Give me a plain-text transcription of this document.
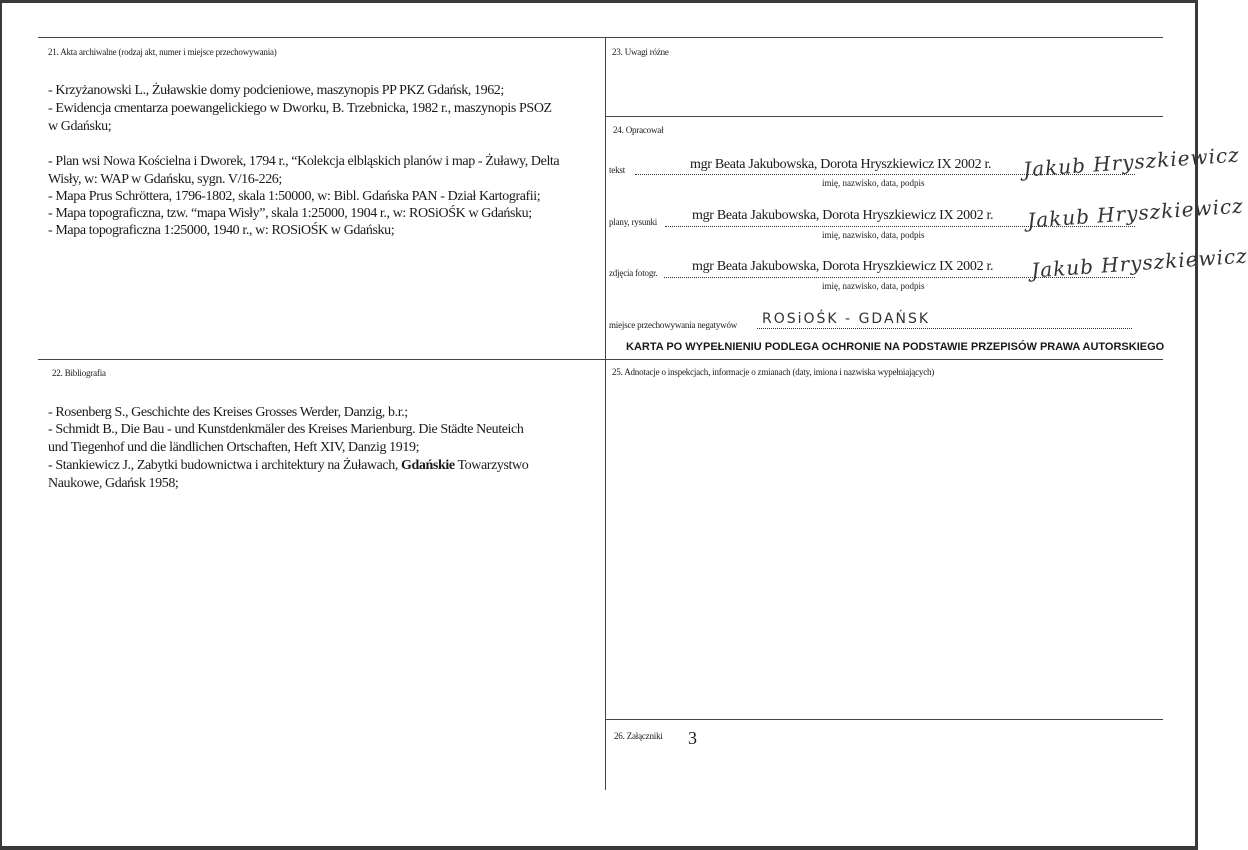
21. Akta archiwalne (rodzaj akt, numer i miejsce przechowywania)
- Krzyżanowski L., Żuławskie domy podcieniowe, maszynopis PP PKZ Gdańsk, 1962;
- Ewidencja cmentarza poewangelickiego w Dworku, B. Trzebnicka, 1982 r., maszynopis PSOZ
w Gdańsku;
- Plan wsi Nowa Kościelna i Dworek, 1794 r., “Kolekcja elbląskich planów i map - Żuławy, Delta
Wisły, w: WAP w Gdańsku, sygn. V/16-226;
- Mapa Prus Schröttera, 1796-1802, skala 1:50000, w: Bibl. Gdańska PAN - Dział Kartografii;
- Mapa topograficzna, tzw. “mapa Wisły”, skala 1:25000, 1904 r., w: ROSiOŚK w Gdańsku;
- Mapa topograficzna 1:25000, 1940 r., w: ROSiOŚK w Gdańsku;
22. Bibliografia
- Rosenberg S., Geschichte des Kreises Grosses Werder, Danzig, b.r.;
- Schmidt B., Die Bau - und Kunstdenkmäler des Kreises Marienburg. Die Städte Neuteich
und Tiegenhof und die ländlichen Ortschaften, Heft XIV, Danzig 1919;
- Stankiewicz J., Zabytki budownictwa i architektury na Żuławach, Gdańskie Towarzystwo
Naukowe, Gdańsk 1958;
23. Uwagi różne
24. Opracował
tekst	mgr Beata Jakubowska, Dorota Hryszkiewicz IX 2002 r.
imię, nazwisko, data, podpis
Jakub Hryszkiewicz
plany, rysunki mgr Beata Jakubowska, Dorota Hryszkiewicz IX 2002 r.
imię, nazwisko, data, podpis
Jakub Hryszkiewicz
zdjęcia fotogr. mgr Beata Jakubowska, Dorota Hryszkiewicz IX 2002 r.
imię, nazwisko, data, podpis
Jakub Hryszkiewicz
miejsce przechowywania negatywów ROSiOŚK - GDAŃSK
KARTA PO WYPEŁNIENIU PODLEGA OCHRONIE NA PODSTAWIE PRZEPISÓW PRAWA AUTORSKIEGO
25. Adnotacje o inspekcjach, informacje o zmianach (daty, imiona i nazwiska wypełniających)
26. Załączniki 3
